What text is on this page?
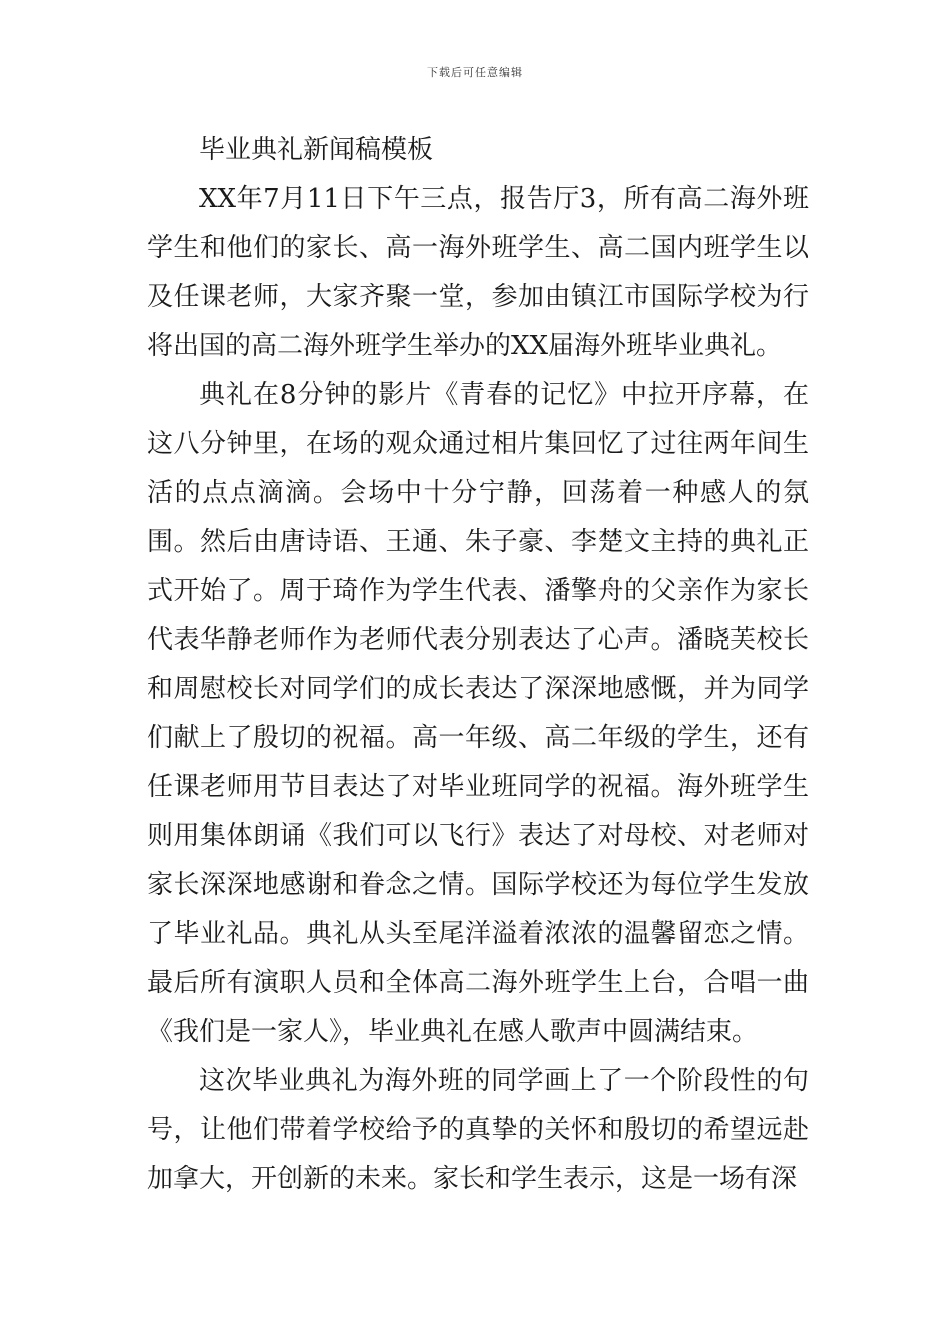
下载后可任意编辑

毕业典礼新闻稿模板

XX年7月11日下午三点，报告厅3，所有高二海外班学生和他们的家长、高一海外班学生、高二国内班学生以及任课老师，大家齐聚一堂，参加由镇江市国际学校为行将出国的高二海外班学生举办的XX届海外班毕业典礼。

典礼在8分钟的影片《青春的记忆》中拉开序幕，在这八分钟里，在场的观众通过相片集回忆了过往两年间生活的点点滴滴。会场中十分宁静，回荡着一种感人的氛围。然后由唐诗语、王通、朱子豪、李楚文主持的典礼正式开始了。周于琦作为学生代表、潘擎舟的父亲作为家长代表华静老师作为老师代表分别表达了心声。潘晓芙校长和周慰校长对同学们的成长表达了深深地感慨，并为同学们献上了殷切的祝福。高一年级、高二年级的学生，还有任课老师用节目表达了对毕业班同学的祝福。海外班学生则用集体朗诵《我们可以飞行》表达了对母校、对老师对家长深深地感谢和眷念之情。国际学校还为每位学生发放了毕业礼品。典礼从头至尾洋溢着浓浓的温馨留恋之情。最后所有演职人员和全体高二海外班学生上台，合唱一曲《我们是一家人》，毕业典礼在感人歌声中圆满结束。

这次毕业典礼为海外班的同学画上了一个阶段性的句号，让他们带着学校给予的真挚的关怀和殷切的希望远赴加拿大，开创新的未来。家长和学生表示，这是一场有深
